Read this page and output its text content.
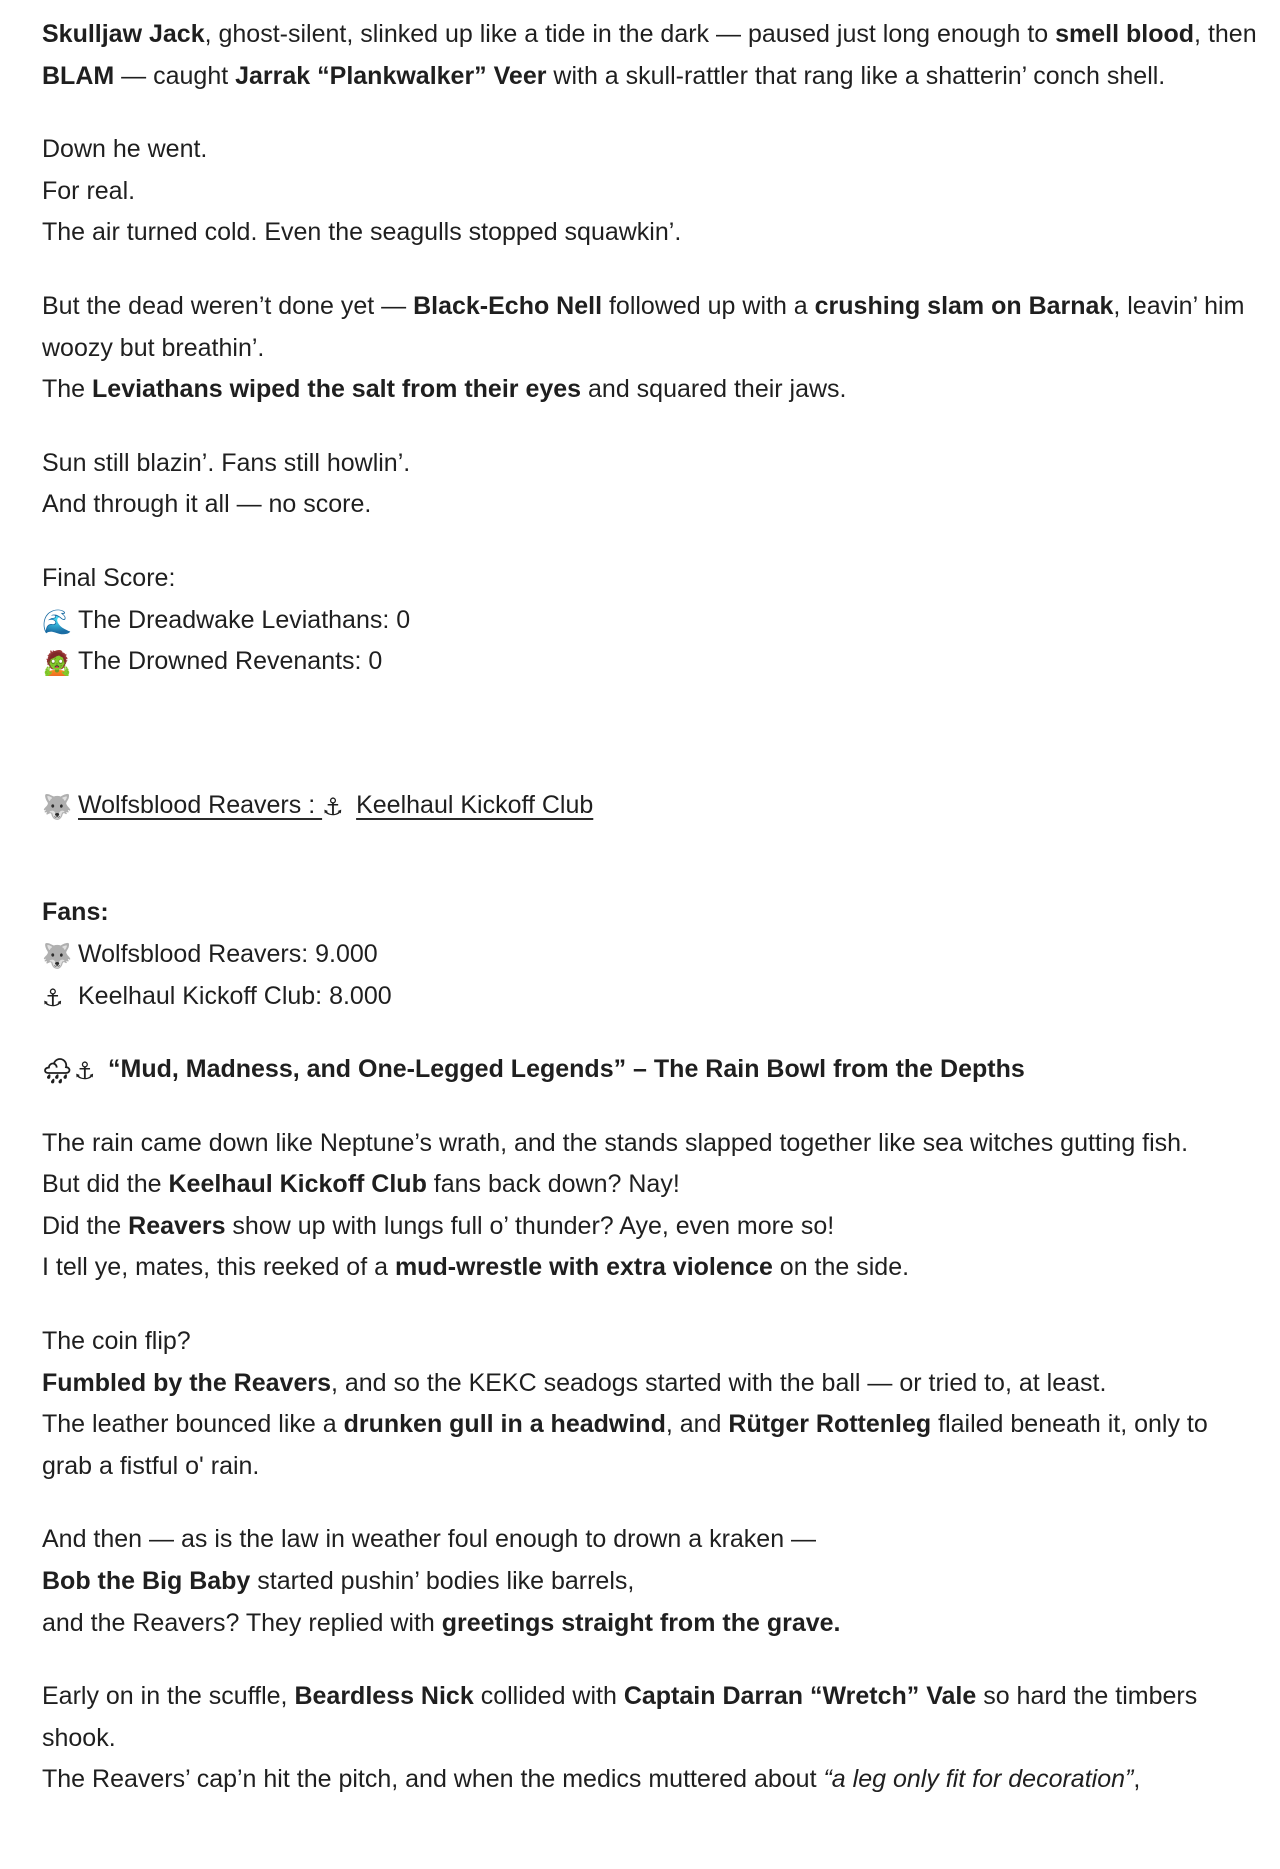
Skulljaw Jack, ghost-silent, slinked up like a tide in the dark — paused just long enough to smell blood, then BLAM — caught Jarrak “Plankwalker” Veer with a skull-rattler that rang like a shatterin’ conch shell.

Down he went.
For real.
The air turned cold. Even the seagulls stopped squawkin’.

But the dead weren’t done yet — Black-Echo Nell followed up with a crushing slam on Barnak, leavin’ him woozy but breathin’.
The Leviathans wiped the salt from their eyes and squared their jaws.

Sun still blazin’. Fans still howlin’.
And through it all — no score.

Final Score:
🌊 The Dreadwake Leviathans: 0
🧟 The Drowned Revenants: 0

🐺 Wolfsblood Reavers : ⚓ Keelhaul Kickoff Club

Fans:
🐺 Wolfsblood Reavers: 9.000
⚓ Keelhaul Kickoff Club: 8.000

🌧⚓ “Mud, Madness, and One-Legged Legends” – The Rain Bowl from the Depths

The rain came down like Neptune’s wrath, and the stands slapped together like sea witches gutting fish.
But did the Keelhaul Kickoff Club fans back down? Nay!
Did the Reavers show up with lungs full o’ thunder? Aye, even more so!
I tell ye, mates, this reeked of a mud-wrestle with extra violence on the side.

The coin flip?
Fumbled by the Reavers, and so the KEKC seadogs started with the ball — or tried to, at least.
The leather bounced like a drunken gull in a headwind, and Rütger Rottenleg flailed beneath it, only to grab a fistful o' rain.

And then — as is the law in weather foul enough to drown a kraken —
Bob the Big Baby started pushin’ bodies like barrels,
and the Reavers? They replied with greetings straight from the grave.

Early on in the scuffle, Beardless Nick collided with Captain Darran “Wretch” Vale so hard the timbers shook.
The Reavers’ cap’n hit the pitch, and when the medics muttered about “a leg only fit for decoration”,
